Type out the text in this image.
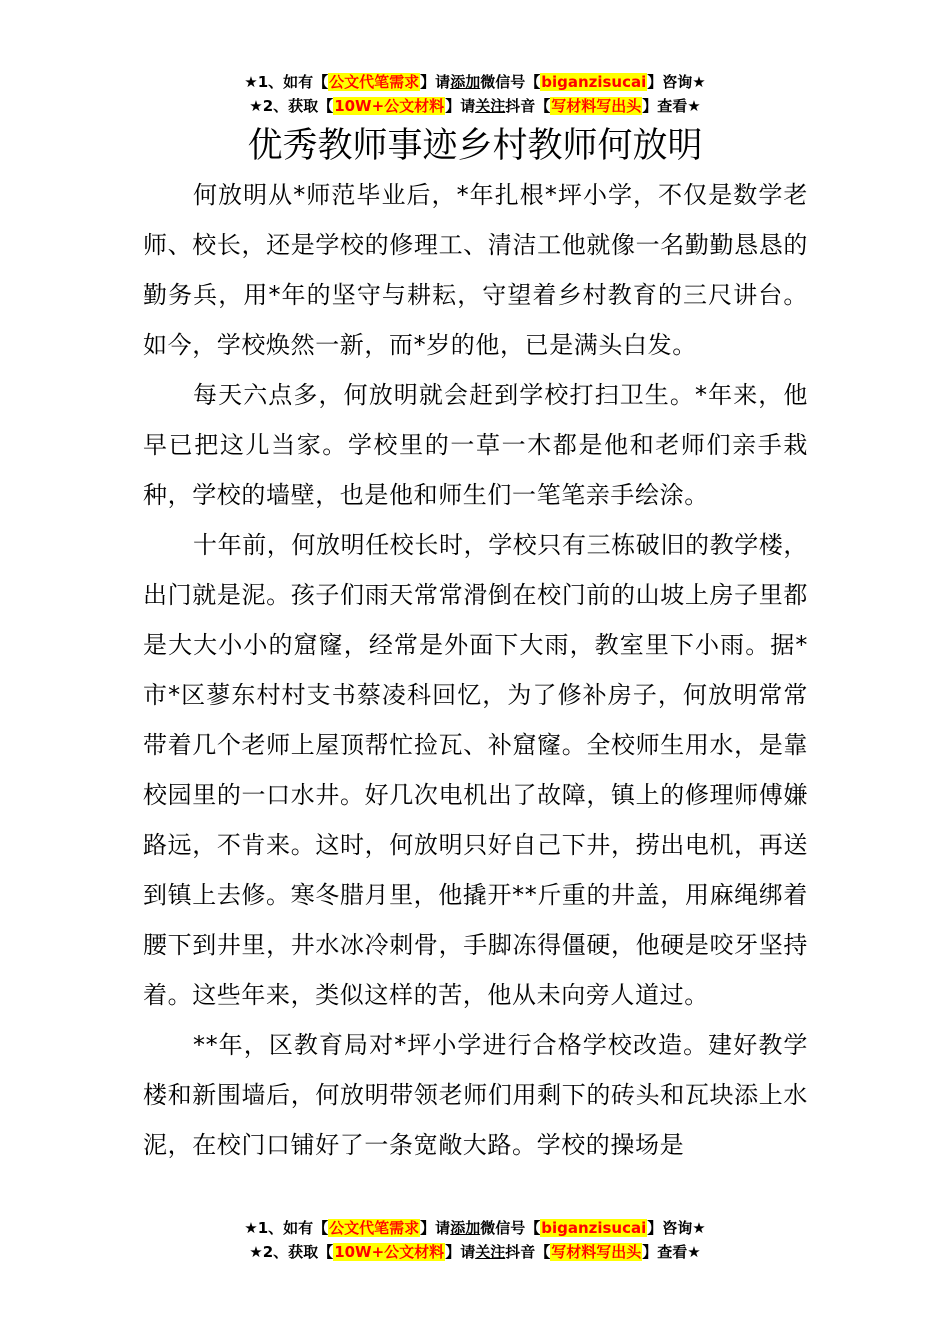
★1、如有【公文代笔需求】请添加微信号【biganzisucai】咨询★
★2、获取【10W+公文材料】请关注抖音【写材料写出头】查看★
优秀教师事迹乡村教师何放明

何放明从*师范毕业后，*年扎根*坪小学，不仅是数学老师、校长，还是学校的修理工、清洁工他就像一名勤勤恳恳的勤务兵，用*年的坚守与耕耘，守望着乡村教育的三尺讲台。如今，学校焕然一新，而*岁的他，已是满头白发。

每天六点多，何放明就会赶到学校打扫卫生。*年来，他早已把这儿当家。学校里的一草一木都是他和老师们亲手栽种，学校的墙壁，也是他和师生们一笔笔亲手绘涂。

十年前，何放明任校长时，学校只有三栋破旧的教学楼，出门就是泥。孩子们雨天常常滑倒在校门前的山坡上房子里都是大大小小的窟窿，经常是外面下大雨，教室里下小雨。据*市*区蓼东村村支书蔡凌科回忆，为了修补房子，何放明常常带着几个老师上屋顶帮忙捡瓦、补窟窿。全校师生用水，是靠校园里的一口水井。好几次电机出了故障，镇上的修理师傅嫌路远，不肯来。这时，何放明只好自己下井，捞出电机，再送到镇上去修。寒冬腊月里，他撬开**斤重的井盖，用麻绳绑着腰下到井里，井水冰冷刺骨，手脚冻得僵硬，他硬是咬牙坚持着。这些年来，类似这样的苦，他从未向旁人道过。

**年，区教育局对*坪小学进行合格学校改造。建好教学楼和新围墙后，何放明带领老师们用剩下的砖头和瓦块添上水泥，在校门口铺好了一条宽敞大路。学校的操场是

★1、如有【公文代笔需求】请添加微信号【biganzisucai】咨询★
★2、获取【10W+公文材料】请关注抖音【写材料写出头】查看★
